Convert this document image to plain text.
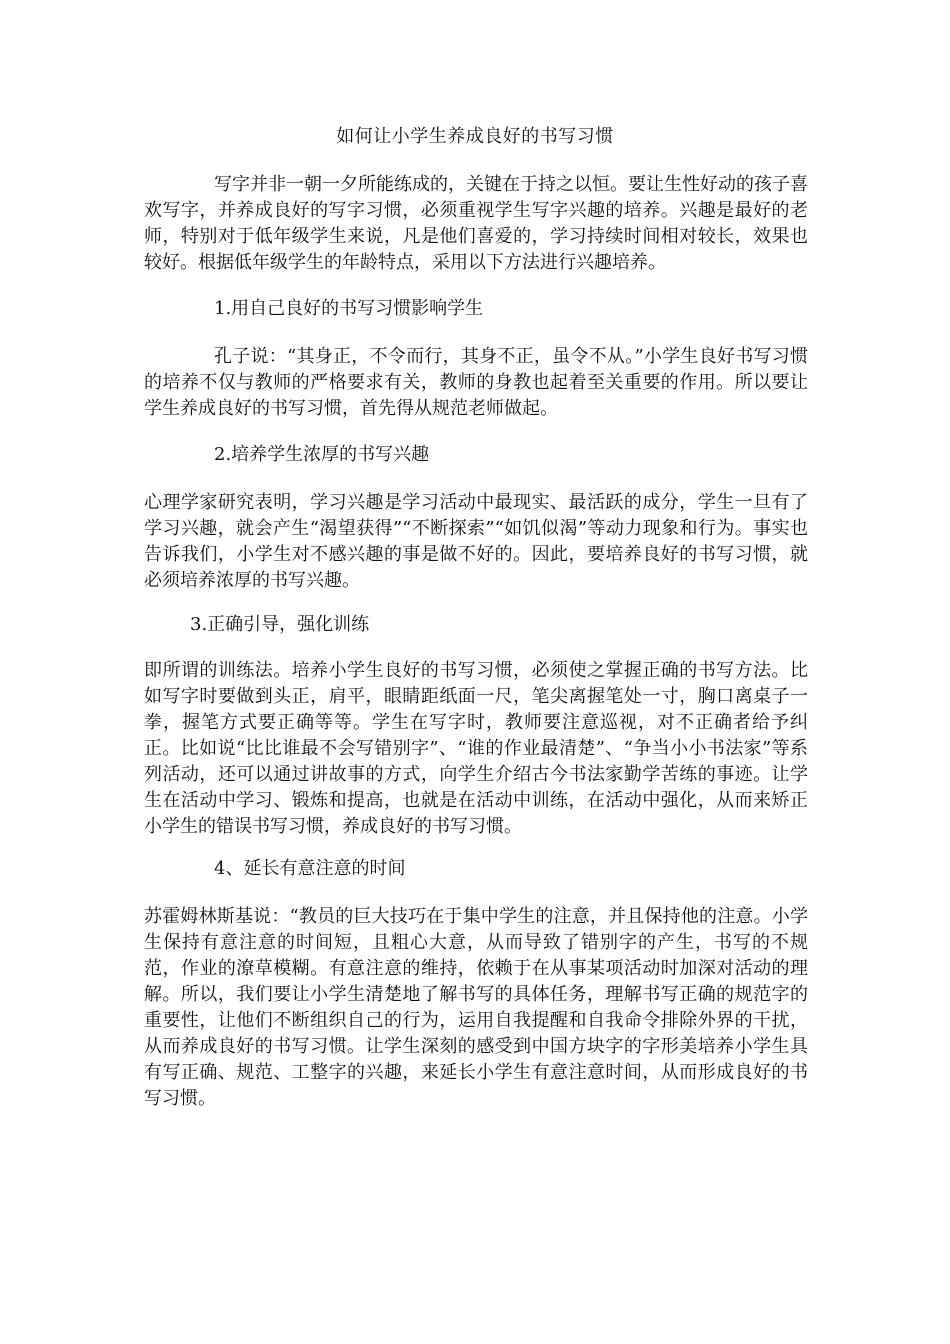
如何让小学生养成良好的书写习惯

写字并非一朝一夕所能练成的，关键在于持之以恒。要让生性好动的孩子喜欢写字，并养成良好的写字习惯，必须重视学生写字兴趣的培养。兴趣是最好的老师，特别对于低年级学生来说，凡是他们喜爱的，学习持续时间相对较长，效果也较好。根据低年级学生的年龄特点，采用以下方法进行兴趣培养。

1.用自己良好的书写习惯影响学生

孔子说：“其身正，不令而行，其身不正，虽令不从。”小学生良好书写习惯的培养不仅与教师的严格要求有关，教师的身教也起着至关重要的作用。所以要让学生养成良好的书写习惯，首先得从规范老师做起。

2.培养学生浓厚的书写兴趣

心理学家研究表明，学习兴趣是学习活动中最现实、最活跃的成分，学生一旦有了学习兴趣，就会产生“渴望获得”“不断探索”“如饥似渴”等动力现象和行为。事实也告诉我们，小学生对不感兴趣的事是做不好的。因此，要培养良好的书写习惯，就必须培养浓厚的书写兴趣。

3.正确引导，强化训练

即所谓的训练法。培养小学生良好的书写习惯，必须使之掌握正确的书写方法。比如写字时要做到头正，肩平，眼睛距纸面一尺，笔尖离握笔处一寸，胸口离桌子一拳，握笔方式要正确等等。学生在写字时，教师要注意巡视，对不正确者给予纠正。比如说“比比谁最不会写错别字”、“谁的作业最清楚”、“争当小小书法家”等系列活动，还可以通过讲故事的方式，向学生介绍古今书法家勤学苦练的事迹。让学生在活动中学习、锻炼和提高，也就是在活动中训练，在活动中强化，从而来矫正小学生的错误书写习惯，养成良好的书写习惯。

4、延长有意注意的时间

苏霍姆林斯基说：“教员的巨大技巧在于集中学生的注意，并且保持他的注意。小学生保持有意注意的时间短，且粗心大意，从而导致了错别字的产生，书写的不规范，作业的潦草模糊。有意注意的维持，依赖于在从事某项活动时加深对活动的理解。所以，我们要让小学生清楚地了解书写的具体任务，理解书写正确的规范字的重要性，让他们不断组织自己的行为，运用自我提醒和自我命令排除外界的干扰，从而养成良好的书写习惯。让学生深刻的感受到中国方块字的字形美培养小学生具有写正确、规范、工整字的兴趣，来延长小学生有意注意时间，从而形成良好的书写习惯。
